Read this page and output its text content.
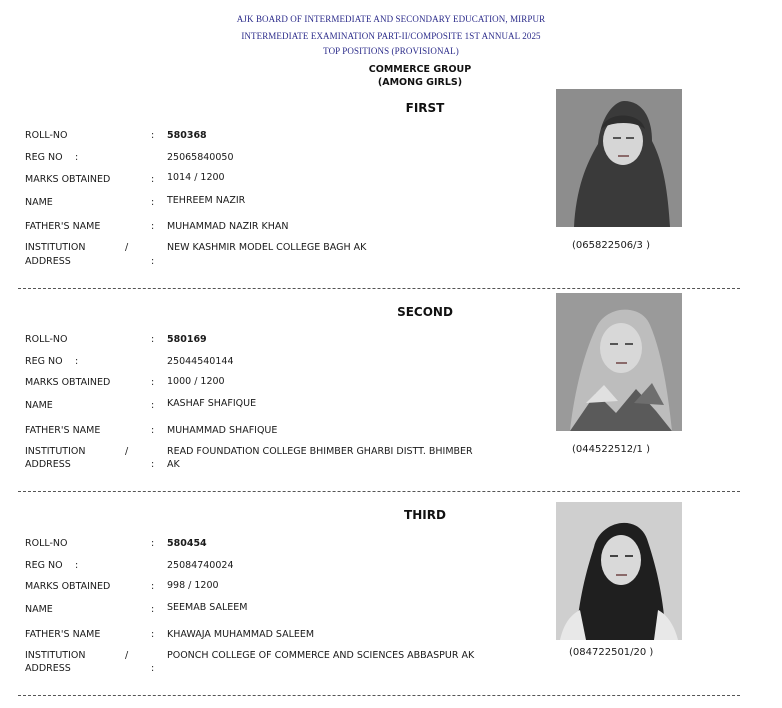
AJK BOARD OF INTERMEDIATE AND SECONDARY EDUCATION, MIRPUR
INTERMEDIATE EXAMINATION PART-II/COMPOSITE 1ST ANNUAL 2025
TOP POSITIONS (PROVISIONAL)
COMMERCE GROUP
(AMONG GIRLS)
FIRST
ROLL-NO	: 580368
REG NO :	25065840050
MARKS OBTAINED	: 1014 / 1200
NAME	: TEHREEM NAZIR
FATHER'S NAME	: MUHAMMAD NAZIR KHAN
INSTITUTION	/
ADDRESS	:
NEW KASHMIR MODEL COLLEGE BAGH AK	(065822506/3 )
SECOND
ROLL-NO	: 580169
REG NO :	25044540144
MARKS OBTAINED	: 1000 / 1200
NAME	: KASHAF SHAFIQUE
FATHER'S NAME	: MUHAMMAD SHAFIQUE
INSTITUTION	/
ADDRESS	:
READ FOUNDATION COLLEGE BHIMBER GHARBI DISTT. BHIMBER
AK
(044522512/1 )
THIRD
ROLL-NO	: 580454
REG NO :	25084740024
MARKS OBTAINED	: 998 / 1200
NAME	: SEEMAB SALEEM
FATHER'S NAME	: KHAWAJA MUHAMMAD SALEEM
INSTITUTION	/
ADDRESS	:
POONCH COLLEGE OF COMMERCE AND SCIENCES ABBASPUR AK	(084722501/20 )
